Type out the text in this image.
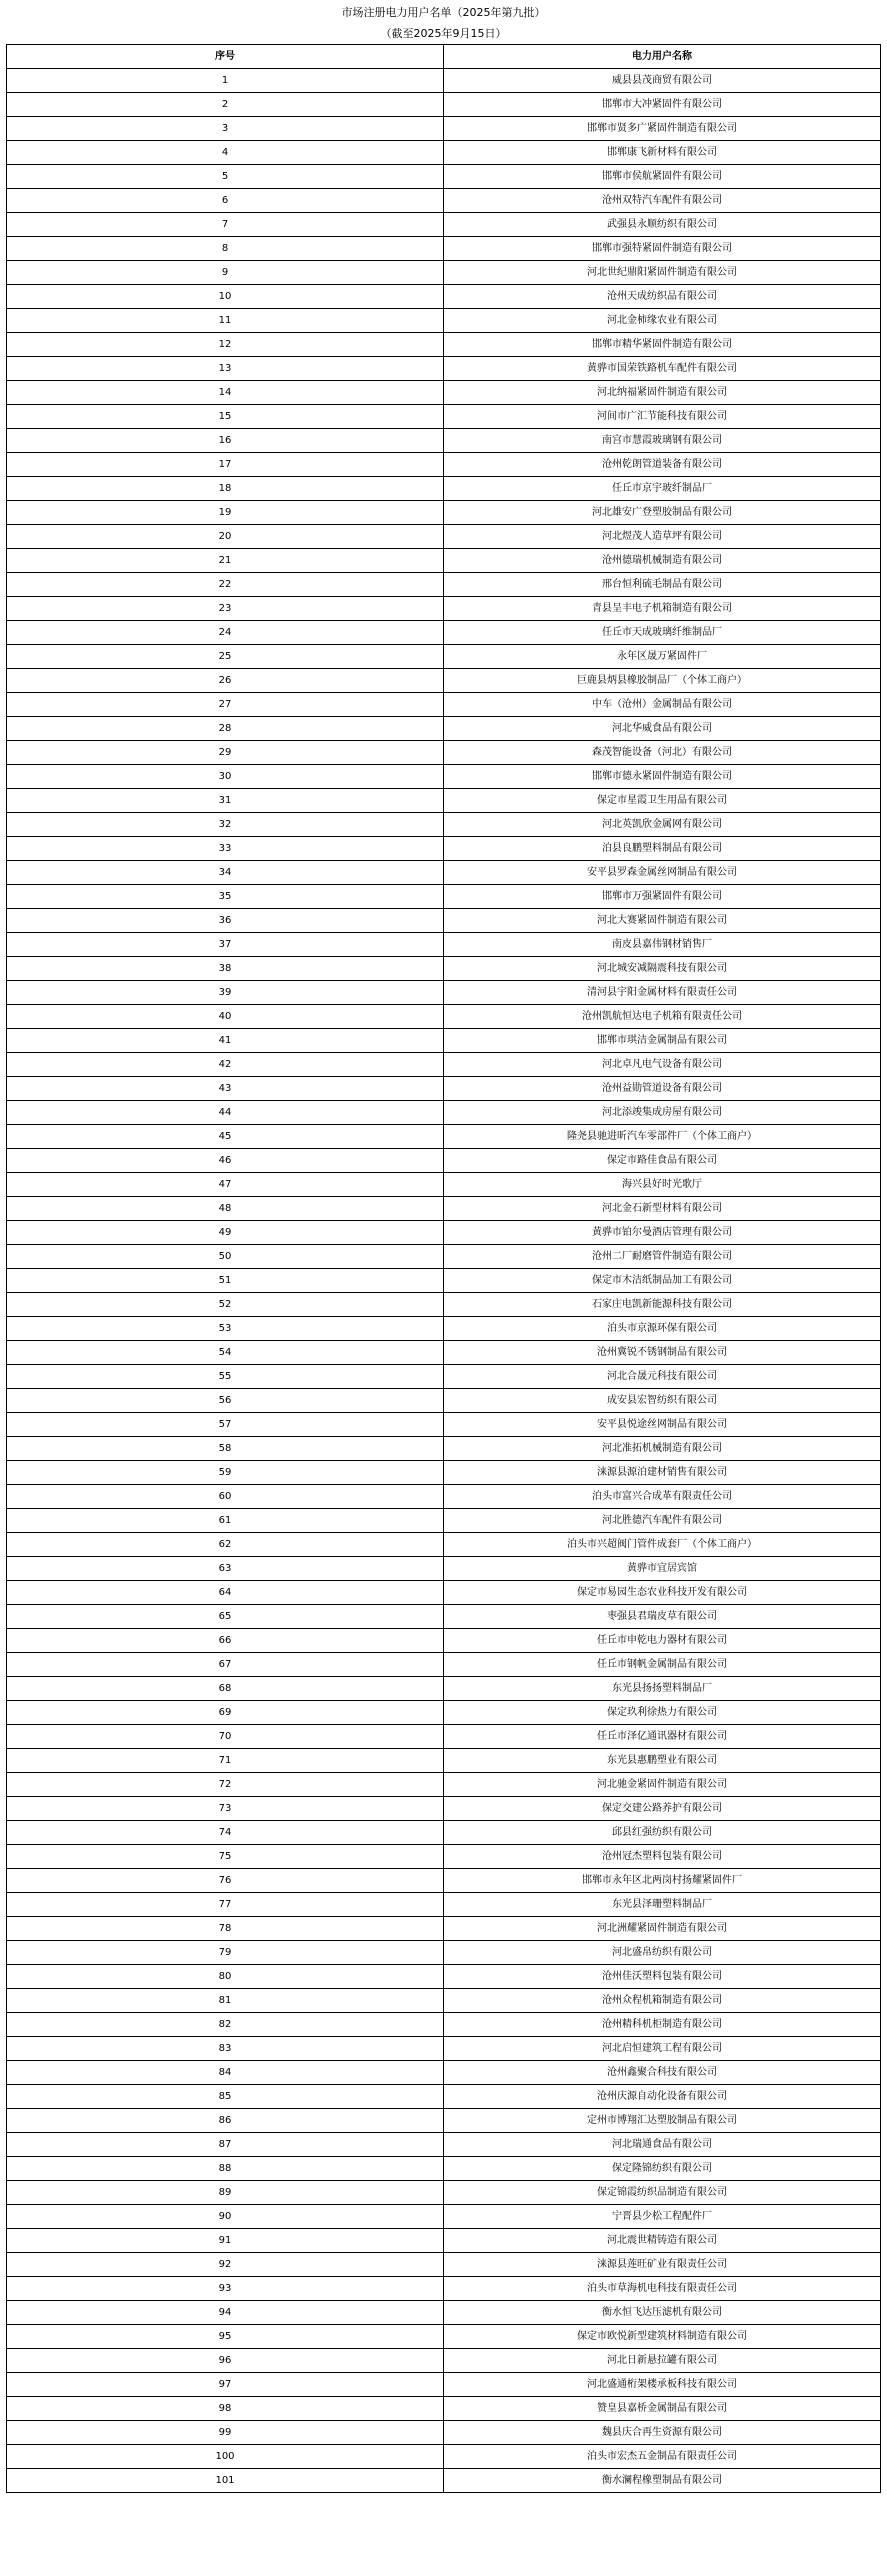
市场注册电力用户名单（2025年第九批）
（截至2025年9月15日）
序号	电力用户名称
1	威县县茂商贸有限公司
2	邯郸市大冲紧固件有限公司
3	邯郸市贤多广紧固件制造有限公司
4	邯郸康飞新材料有限公司
5	邯郸市侯航紧固件有限公司
6	沧州双特汽车配件有限公司
7	武强县永顺纺织有限公司
8	邯郸市强特紧固件制造有限公司
9	河北世纪鼎阳紧固件制造有限公司
10	沧州天成纺织品有限公司
11	河北金柿缘农业有限公司
12	邯郸市精华紧固件制造有限公司
13	黄骅市国荣铁路机车配件有限公司
14	河北纳福紧固件制造有限公司
15	河间市广汇节能科技有限公司
16	南宫市慧霞玻璃钢有限公司
17	沧州乾朗管道装备有限公司
18	任丘市京宇玻纤制品厂
19	河北雄安广登塑胶制品有限公司
20	河北煜茂人造草坪有限公司
21	沧州德瑞机械制造有限公司
22	邢台恒利硫毛制品有限公司
23	青县呈丰电子机箱制造有限公司
24	任丘市天成玻璃纤维制品厂
25	永年区晟万紧固件厂
26	巨鹿县炳县橡胶制品厂（个体工商户）
27	中车（沧州）金属制品有限公司
28	河北华威食品有限公司
29	森茂智能设备（河北）有限公司
30	邯郸市德永紧固件制造有限公司
31	保定市星霞卫生用品有限公司
32	河北英凯欣金属网有限公司
33	泊县良鹏塑料制品有限公司
34	安平县罗森金属丝网制品有限公司
35	邯郸市万强紧固件有限公司
36	河北大赛紧固件制造有限公司
37	南皮县嘉伟钢材销售厂
38	河北城安减隔震科技有限公司
39	清河县宇阳金属材料有限责任公司
40	沧州凯航恒达电子机箱有限责任公司
41	邯郸市琪洁金属制品有限公司
42	河北卓凡电气设备有限公司
43	沧州益勋管道设备有限公司
44	河北添竣集成房屋有限公司
45	隆尧县驰进昕汽车零部件厂（个体工商户）
46	保定市路佳食品有限公司
47	海兴县好时光歌厅
48	河北金石新型材料有限公司
49	黄骅市铂尔曼酒店管理有限公司
50	沧州二厂耐磨管件制造有限公司
51	保定市木洁纸制品加工有限公司
52	石家庄电凯新能源科技有限公司
53	泊头市京源环保有限公司
54	沧州冀锐不锈钢制品有限公司
55	河北合晟元科技有限公司
56	成安县宏智纺织有限公司
57	安平县悦途丝网制品有限公司
58	河北准拓机械制造有限公司
59	涞源县源泊建材销售有限公司
60	泊头市富兴合成革有限责任公司
61	河北胜德汽车配件有限公司
62	泊头市兴超阀门管件成套厂（个体工商户）
63	黄骅市宜居宾馆
64	保定市易园生态农业科技开发有限公司
65	枣强县君瑞皮草有限公司
66	任丘市申乾电力器材有限公司
67	任丘市钢帆金属制品有限公司
68	东光县扬扬塑料制品厂
69	保定玖利徐热力有限公司
70	任丘市泽亿通讯器材有限公司
71	东光县惠鹏塑业有限公司
72	河北驰金紧固件制造有限公司
73	保定交建公路养护有限公司
74	邱县红强纺织有限公司
75	沧州冠杰塑料包装有限公司
76	邯郸市永年区北两岗村扬耀紧固件厂
77	东光县泽珊塑料制品厂
78	河北洲耀紧固件制造有限公司
79	河北盛帛纺织有限公司
80	沧州佳沃塑料包装有限公司
81	沧州众程机箱制造有限公司
82	沧州精科机柜制造有限公司
83	河北启恒建筑工程有限公司
84	沧州鑫聚合科技有限公司
85	沧州庆源自动化设备有限公司
86	定州市博翔汇达塑胶制品有限公司
87	河北瑞通食品有限公司
88	保定隆锦纺织有限公司
89	保定锦霞纺织品制造有限公司
90	宁晋县少松工程配件厂
91	河北震世精铸造有限公司
92	涞源县莲旺矿业有限责任公司
93	泊头市草海机电科技有限责任公司
94	衡水恒飞达压滤机有限公司
95	保定市欧悦新型建筑材料制造有限公司
96	河北日新悬拉罐有限公司
97	河北盛通桁架楼承板科技有限公司
98	赞皇县嘉桥金属制品有限公司
99	魏县庆合再生资源有限公司
100	泊头市宏杰五金制品有限责任公司
101	衡水澜程橡塑制品有限公司
